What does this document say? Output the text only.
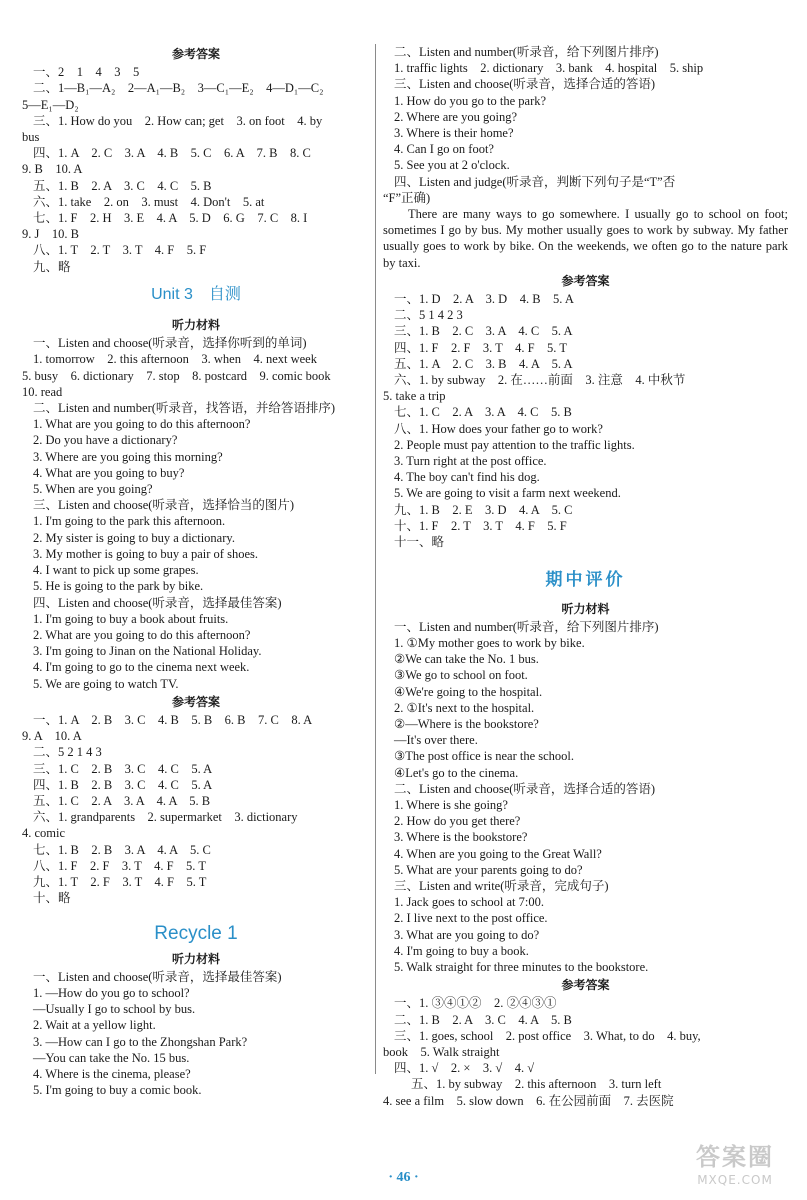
参考答案
一、2　1　4　3　5
二、1—B₁—A₂　2—A₁—B₂　3—C₁—E₂　4—D₁—C₂
5—E₁—D₂
三、1. How do you　2. How can; get　3. on foot　4. by
bus
四、1. A　2. C　3. A　4. B　5. C　6. A　7. B　8. C
9. B　10. A
五、1. B　2. A　3. C　4. C　5. B
六、1. take　2. on　3. must　4. Don't　5. at
七、1. F　2. H　3. E　4. A　5. D　6. G　7. C　8. I
9. J　10. B
八、1. T　2. T　3. T　4. F　5. F
九、略
Unit 3　自测
听力材料
一、Listen and choose(听录音，选择你听到的单词)
1. tomorrow　2. this afternoon　3. when　4. next week
5. busy　6. dictionary　7. stop　8. postcard　9. comic book
10. read
二、Listen and number(听录音，找答语，并给答语排序)
1. What are you going to do this afternoon?
2. Do you have a dictionary?
3. Where are you going this morning?
4. What are you going to buy?
5. When are you going?
三、Listen and choose(听录音，选择恰当的图片)
1. I'm going to the park this afternoon.
2. My sister is going to buy a dictionary.
3. My mother is going to buy a pair of shoes.
4. I want to pick up some grapes.
5. He is going to the park by bike.
四、Listen and choose(听录音，选择最佳答案)
1. I'm going to buy a book about fruits.
2. What are you going to do this afternoon?
3. I'm going to Jinan on the National Holiday.
4. I'm going to go to the cinema next week.
5. We are going to watch TV.
参考答案
一、1. A　2. B　3. C　4. B　5. B　6. B　7. C　8. A
9. A　10. A
二、5 2 1 4 3
三、1. C　2. B　3. C　4. C　5. A
四、1. B　2. B　3. C　4. C　5. A
五、1. C　2. A　3. A　4. A　5. B
六、1. grandparents　2. supermarket　3. dictionary
4. comic
七、1. B　2. B　3. A　4. A　5. C
八、1. F　2. F　3. T　4. F　5. T
九、1. T　2. F　3. T　4. F　5. T
十、略
Recycle 1
听力材料
一、Listen and choose(听录音，选择最佳答案)
1. —How do you go to school?
—Usually I go to school by bus.
2. Wait at a yellow light.
3. —How can I go to the Zhongshan Park?
—You can take the No. 15 bus.
4. Where is the cinema, please?
5. I'm going to buy a comic book.
二、Listen and number(听录音，给下列图片排序)
1. traffic lights　2. dictionary　3. bank　4. hospital　5. ship
三、Listen and choose(听录音，选择合适的答语)
1. How do you go to the park?
2. Where are you going?
3. Where is their home?
4. Can I go on foot?
5. See you at 2 o'clock.
四、Listen and judge(听录音，判断下列句子是“T”否
“F”正确)
There are many ways to go somewhere. I usually go to school on foot; sometimes I go by bus. My mother usually goes to work by subway. My father usually goes to work by bike. On the weekends, we often go to the nature park by taxi.
参考答案
一、1. D　2. A　3. D　4. B　5. A
二、5 1 4 2 3
三、1. B　2. C　3. A　4. C　5. A
四、1. F　2. F　3. T　4. F　5. T
五、1. A　2. C　3. B　4. A　5. A
六、1. by subway　2. 在……前面　3. 注意　4. 中秋节
5. take a trip
七、1. C　2. A　3. A　4. C　5. B
八、1. How does your father go to work?
2. People must pay attention to the traffic lights.
3. Turn right at the post office.
4. The boy can't find his dog.
5. We are going to visit a farm next weekend.
九、1. B　2. E　3. D　4. A　5. C
十、1. F　2. T　3. T　4. F　5. F
十一、略
期中评价
听力材料
一、Listen and number(听录音，给下列图片排序)
1. ①My mother goes to work by bike.
②We can take the No. 1 bus.
③We go to school on foot.
④We're going to the hospital.
2. ①It's next to the hospital.
②—Where is the bookstore?
—It's over there.
③The post office is near the school.
④Let's go to the cinema.
二、Listen and choose(听录音，选择合适的答语)
1. Where is she going?
2. How do you get there?
3. Where is the bookstore?
4. When are you going to the Great Wall?
5. What are your parents going to do?
三、Listen and write(听录音，完成句子)
1. Jack goes to school at 7:00.
2. I live next to the post office.
3. What are you going to do?
4. I'm going to buy a book.
5. Walk straight for three minutes to the bookstore.
参考答案
一、1. ③④①②　2. ②④③①
二、1. B　2. A　3. C　4. A　5. B
三、1. goes, school　2. post office　3. What, to do　4. buy,
book　5. Walk straight
四、1. √　2. ×　3. √　4. √
五、1. by subway　2. this afternoon　3. turn left
4. see a film　5. slow down　6. 在公园前面　7. 去医院
· 46 ·
答案圈
MXQE.COM
